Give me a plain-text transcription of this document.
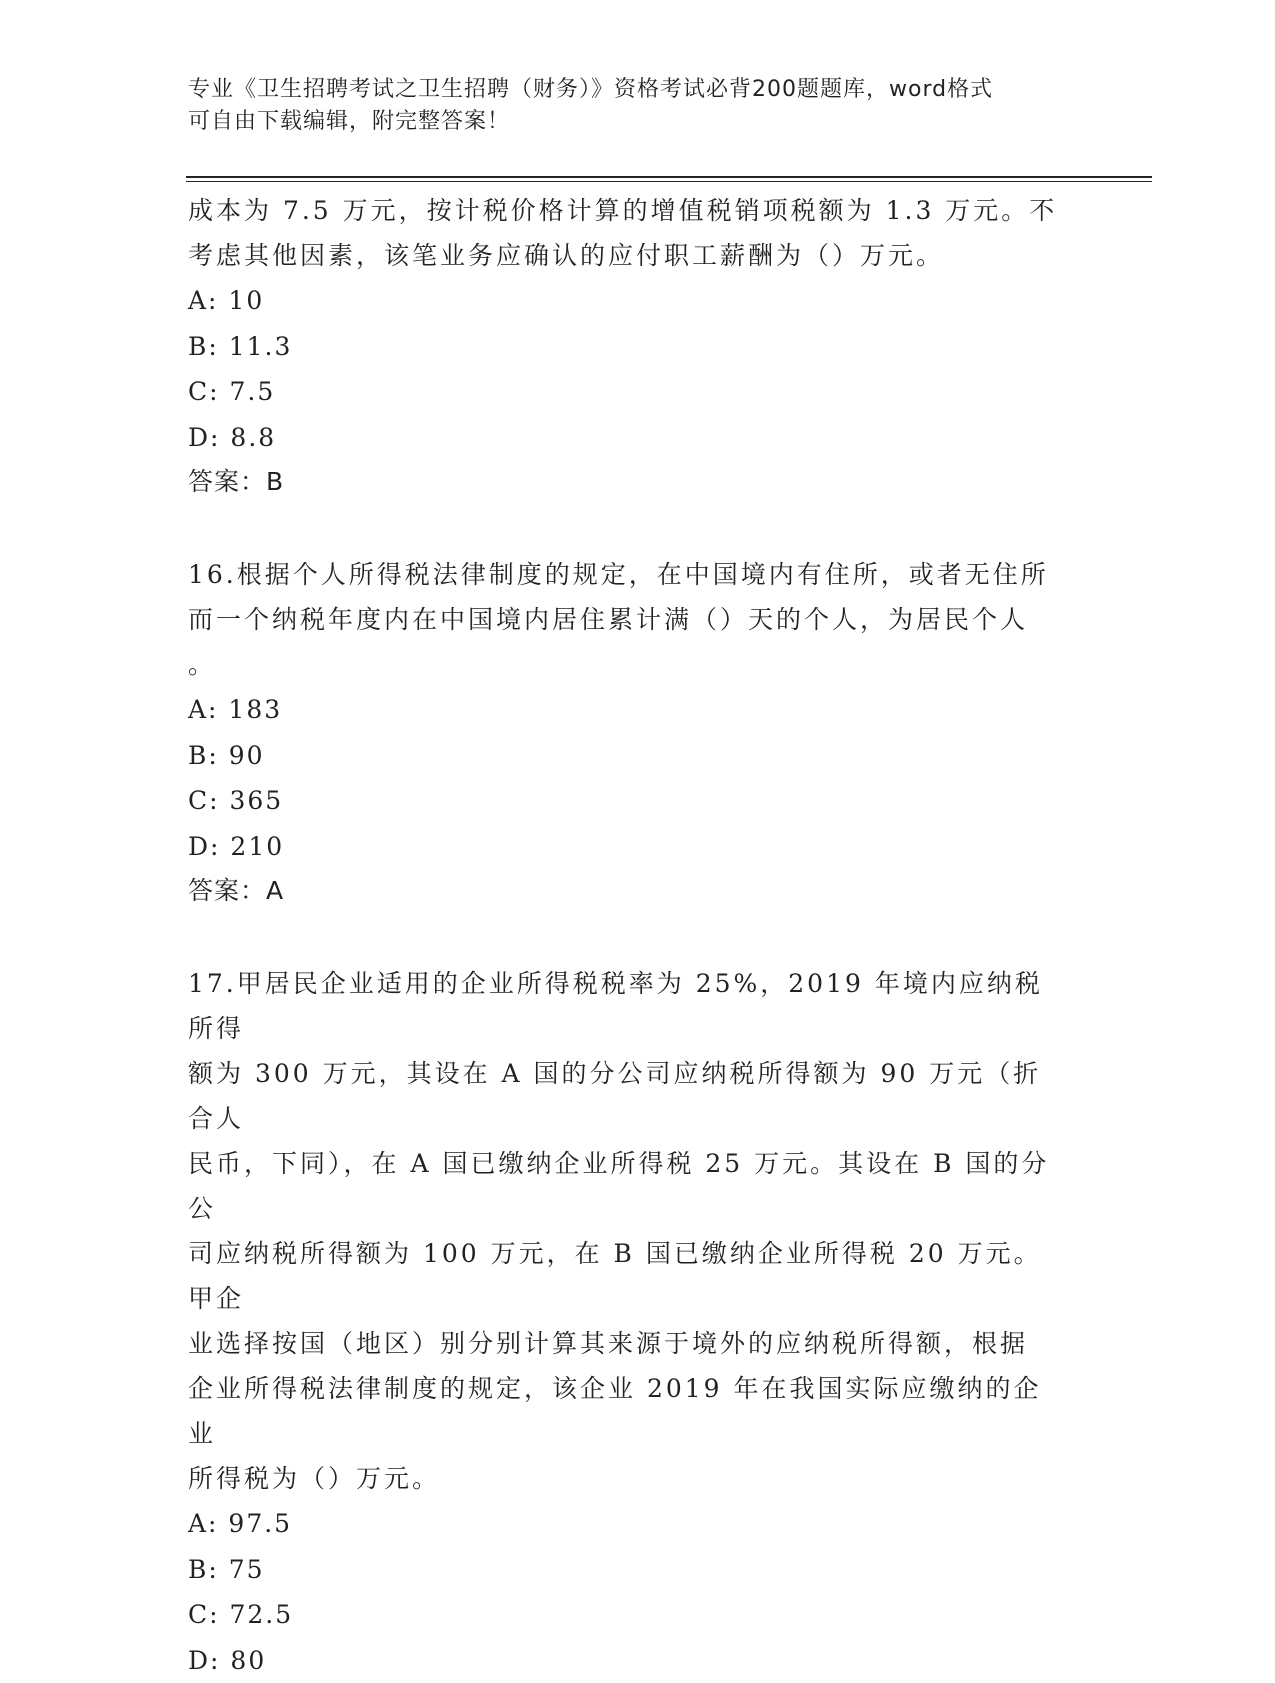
专业《卫生招聘考试之卫生招聘（财务）》资格考试必背200题题库，word格式
可自由下载编辑，附完整答案！

成本为 7.5 万元，按计税价格计算的增值税销项税额为 1.3 万元。不

考虑其他因素，该笔业务应确认的应付职工薪酬为（）万元。

A: 10

B: 11.3

C: 7.5

D: 8.8

答案：B

16.根据个人所得税法律制度的规定，在中国境内有住所，或者无住所

而一个纳税年度内在中国境内居住累计满（）天的个人，为居民个人

。

A: 183

B: 90

C: 365

D: 210

答案：A

17.甲居民企业适用的企业所得税税率为 25%，2019 年境内应纳税所得

额为 300 万元，其设在 A 国的分公司应纳税所得额为 90 万元（折合人

民币，下同），在 A 国已缴纳企业所得税 25 万元。其设在 B 国的分公

司应纳税所得额为 100 万元，在 B 国已缴纳企业所得税 20 万元。甲企

业选择按国（地区）别分别计算其来源于境外的应纳税所得额，根据

企业所得税法律制度的规定，该企业 2019 年在我国实际应缴纳的企业

所得税为（）万元。

A: 97.5

B: 75

C: 72.5

D: 80
